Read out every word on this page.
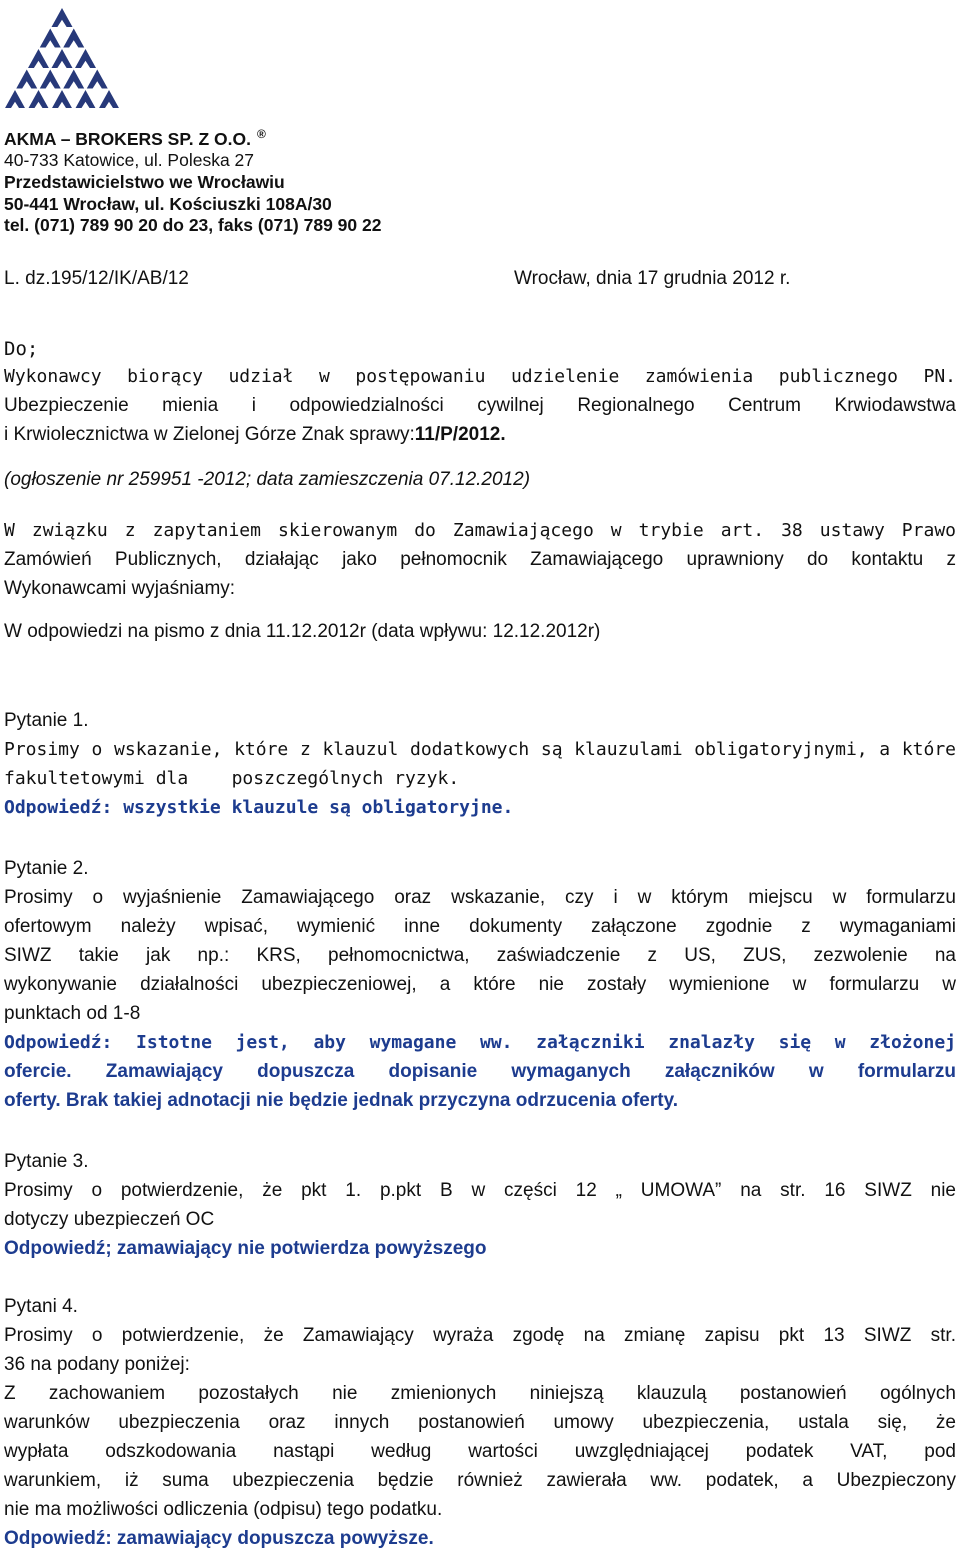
AKMA – BROKERS SP. Z O.O. ®
40-733 Katowice, ul. Poleska 27
Przedstawicielstwo we Wrocławiu
50-441 Wrocław, ul. Kościuszki 108A/30
tel. (071) 789 90 20 do 23, faks (071) 789 90 22
L. dz.195/12/IK/AB/12	Wrocław, dnia 17 grudnia 2012 r.
Do;
Wykonawcy biorący udział w postępowaniu udzielenie zamówienia publicznego PN.
Ubezpieczenie mienia i odpowiedzialności cywilnej Regionalnego Centrum Krwiodawstwa
i Krwiolecznictwa w Zielonej Górze Znak sprawy:11/P/2012.
(ogłoszenie nr 259951 -2012; data zamieszczenia 07.12.2012)
W związku z zapytaniem skierowanym do Zamawiającego w trybie art. 38 ustawy Prawo
Zamówień Publicznych, działając jako pełnomocnik Zamawiającego uprawniony do kontaktu z
Wykonawcami wyjaśniamy:
W odpowiedzi na pismo z dnia 11.12.2012r (data wpływu: 12.12.2012r)
Pytanie 1.
Prosimy o wskazanie, które z klauzul dodatkowych są klauzulami obligatoryjnymi, a które
fakultetowymi dla    poszczególnych ryzyk.
Odpowiedź: wszystkie klauzule są obligatoryjne.
Pytanie 2.
Prosimy o wyjaśnienie Zamawiającego oraz wskazanie, czy i w którym miejscu w formularzu
ofertowym należy wpisać, wymienić inne dokumenty załączone zgodnie z wymaganiami
SIWZ takie jak np.: KRS, pełnomocnictwa, zaświadczenie z US, ZUS, zezwolenie na
wykonywanie działalności ubezpieczeniowej, a które nie zostały wymienione w formularzu w
punktach od 1-8
Odpowiedź: Istotne jest, aby wymagane ww. załączniki znalazły się w złożonej
ofercie. Zamawiający dopuszcza dopisanie wymaganych załączników w formularzu
oferty. Brak takiej adnotacji nie będzie jednak przyczyna odrzucenia oferty.
Pytanie 3.
Prosimy o potwierdzenie, że pkt 1. p.pkt B w części 12 „ UMOWA” na str. 16 SIWZ nie
dotyczy ubezpieczeń OC
Odpowiedź; zamawiający nie potwierdza powyższego
Pytani 4.
Prosimy o potwierdzenie, że Zamawiający wyraża zgodę na zmianę zapisu pkt 13 SIWZ str.
36 na podany poniżej:
Z zachowaniem pozostałych nie zmienionych niniejszą klauzulą postanowień ogólnych
warunków ubezpieczenia oraz innych postanowień umowy ubezpieczenia, ustala się, że
wypłata odszkodowania nastąpi według wartości uwzględniającej podatek VAT, pod
warunkiem, iż suma ubezpieczenia będzie również zawierała ww. podatek, a Ubezpieczony
nie ma możliwości odliczenia (odpisu) tego podatku.
Odpowiedź: zamawiający dopuszcza powyższe.
